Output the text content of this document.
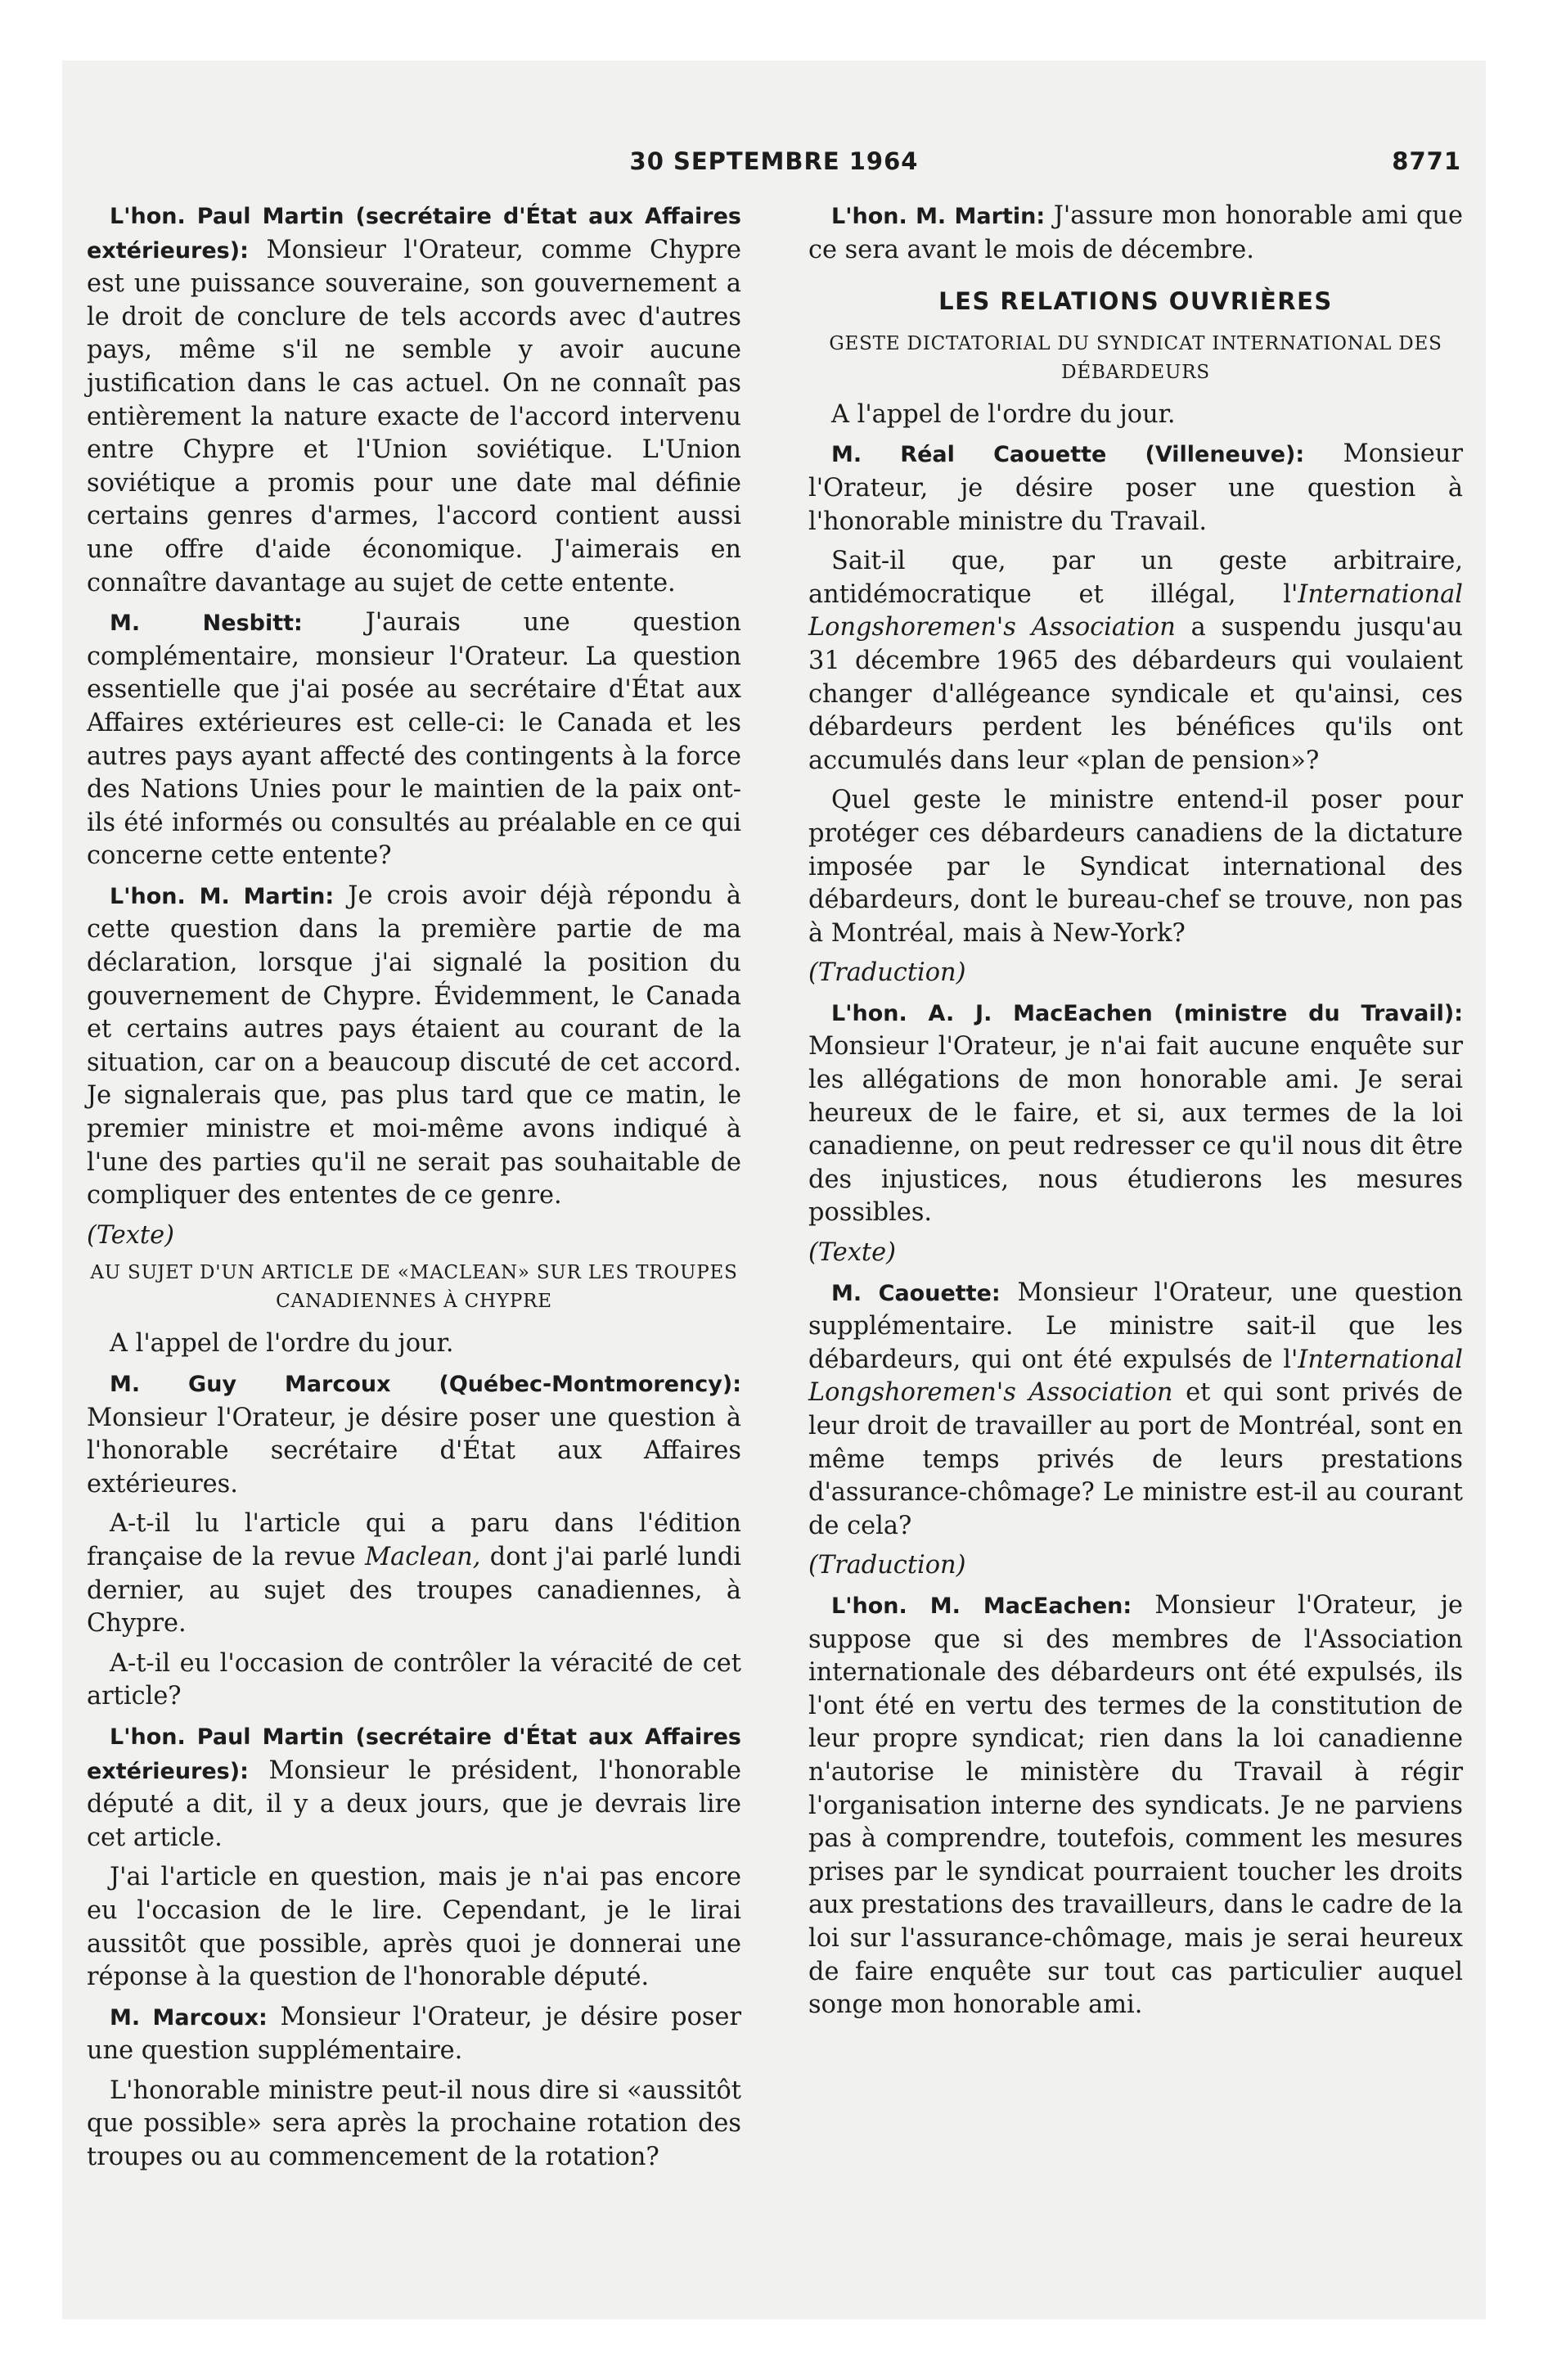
30 SEPTEMBRE 1964	8771

L'hon. Paul Martin (secrétaire d'État aux Affaires extérieures): Monsieur l'Orateur, comme Chypre est une puissance souveraine, son gouvernement a le droit de conclure de tels accords avec d'autres pays, même s'il ne semble y avoir aucune justification dans le cas actuel. On ne connaît pas entièrement la nature exacte de l'accord intervenu entre Chypre et l'Union soviétique. L'Union soviétique a promis pour une date mal définie certains genres d'armes, l'accord contient aussi une offre d'aide économique. J'aimerais en connaître davantage au sujet de cette entente.

M. Nesbitt: J'aurais une question complémentaire, monsieur l'Orateur. La question essentielle que j'ai posée au secrétaire d'État aux Affaires extérieures est celle-ci: le Canada et les autres pays ayant affecté des contingents à la force des Nations Unies pour le maintien de la paix ont-ils été informés ou consultés au préalable en ce qui concerne cette entente?

L'hon. M. Martin: Je crois avoir déjà répondu à cette question dans la première partie de ma déclaration, lorsque j'ai signalé la position du gouvernement de Chypre. Évidemment, le Canada et certains autres pays étaient au courant de la situation, car on a beaucoup discuté de cet accord. Je signalerais que, pas plus tard que ce matin, le premier ministre et moi-même avons indiqué à l'une des parties qu'il ne serait pas souhaitable de compliquer des ententes de ce genre.

(Texte)
AU SUJET D'UN ARTICLE DE «MACLEAN» SUR LES TROUPES CANADIENNES À CHYPRE

A l'appel de l'ordre du jour.

M. Guy Marcoux (Québec-Montmorency): Monsieur l'Orateur, je désire poser une question à l'honorable secrétaire d'État aux Affaires extérieures.

A-t-il lu l'article qui a paru dans l'édition française de la revue Maclean, dont j'ai parlé lundi dernier, au sujet des troupes canadiennes, à Chypre.

A-t-il eu l'occasion de contrôler la véracité de cet article?

L'hon. Paul Martin (secrétaire d'État aux Affaires extérieures): Monsieur le président, l'honorable député a dit, il y a deux jours, que je devrais lire cet article.

J'ai l'article en question, mais je n'ai pas encore eu l'occasion de le lire. Cependant, je le lirai aussitôt que possible, après quoi je donnerai une réponse à la question de l'honorable député.

M. Marcoux: Monsieur l'Orateur, je désire poser une question supplémentaire.

L'honorable ministre peut-il nous dire si «aussitôt que possible» sera après la prochaine rotation des troupes ou au commencement de la rotation?

L'hon. M. Martin: J'assure mon honorable ami que ce sera avant le mois de décembre.

LES RELATIONS OUVRIÈRES
GESTE DICTATORIAL DU SYNDICAT INTERNATIONAL DES DÉBARDEURS

A l'appel de l'ordre du jour.

M. Réal Caouette (Villeneuve): Monsieur l'Orateur, je désire poser une question à l'honorable ministre du Travail.

Sait-il que, par un geste arbitraire, antidémocratique et illégal, l'International Longshoremen's Association a suspendu jusqu'au 31 décembre 1965 des débardeurs qui voulaient changer d'allégeance syndicale et qu'ainsi, ces débardeurs perdent les bénéfices qu'ils ont accumulés dans leur «plan de pension»?

Quel geste le ministre entend-il poser pour protéger ces débardeurs canadiens de la dictature imposée par le Syndicat international des débardeurs, dont le bureau-chef se trouve, non pas à Montréal, mais à New-York?

(Traduction)

L'hon. A. J. MacEachen (ministre du Travail): Monsieur l'Orateur, je n'ai fait aucune enquête sur les allégations de mon honorable ami. Je serai heureux de le faire, et si, aux termes de la loi canadienne, on peut redresser ce qu'il nous dit être des injustices, nous étudierons les mesures possibles.

(Texte)

M. Caouette: Monsieur l'Orateur, une question supplémentaire. Le ministre sait-il que les débardeurs, qui ont été expulsés de l'International Longshoremen's Association et qui sont privés de leur droit de travailler au port de Montréal, sont en même temps privés de leurs prestations d'assurance-chômage? Le ministre est-il au courant de cela?

(Traduction)

L'hon. M. MacEachen: Monsieur l'Orateur, je suppose que si des membres de l'Association internationale des débardeurs ont été expulsés, ils l'ont été en vertu des termes de la constitution de leur propre syndicat; rien dans la loi canadienne n'autorise le ministère du Travail à régir l'organisation interne des syndicats. Je ne parviens pas à comprendre, toutefois, comment les mesures prises par le syndicat pourraient toucher les droits aux prestations des travailleurs, dans le cadre de la loi sur l'assurance-chômage, mais je serai heureux de faire enquête sur tout cas particulier auquel songe mon honorable ami.
